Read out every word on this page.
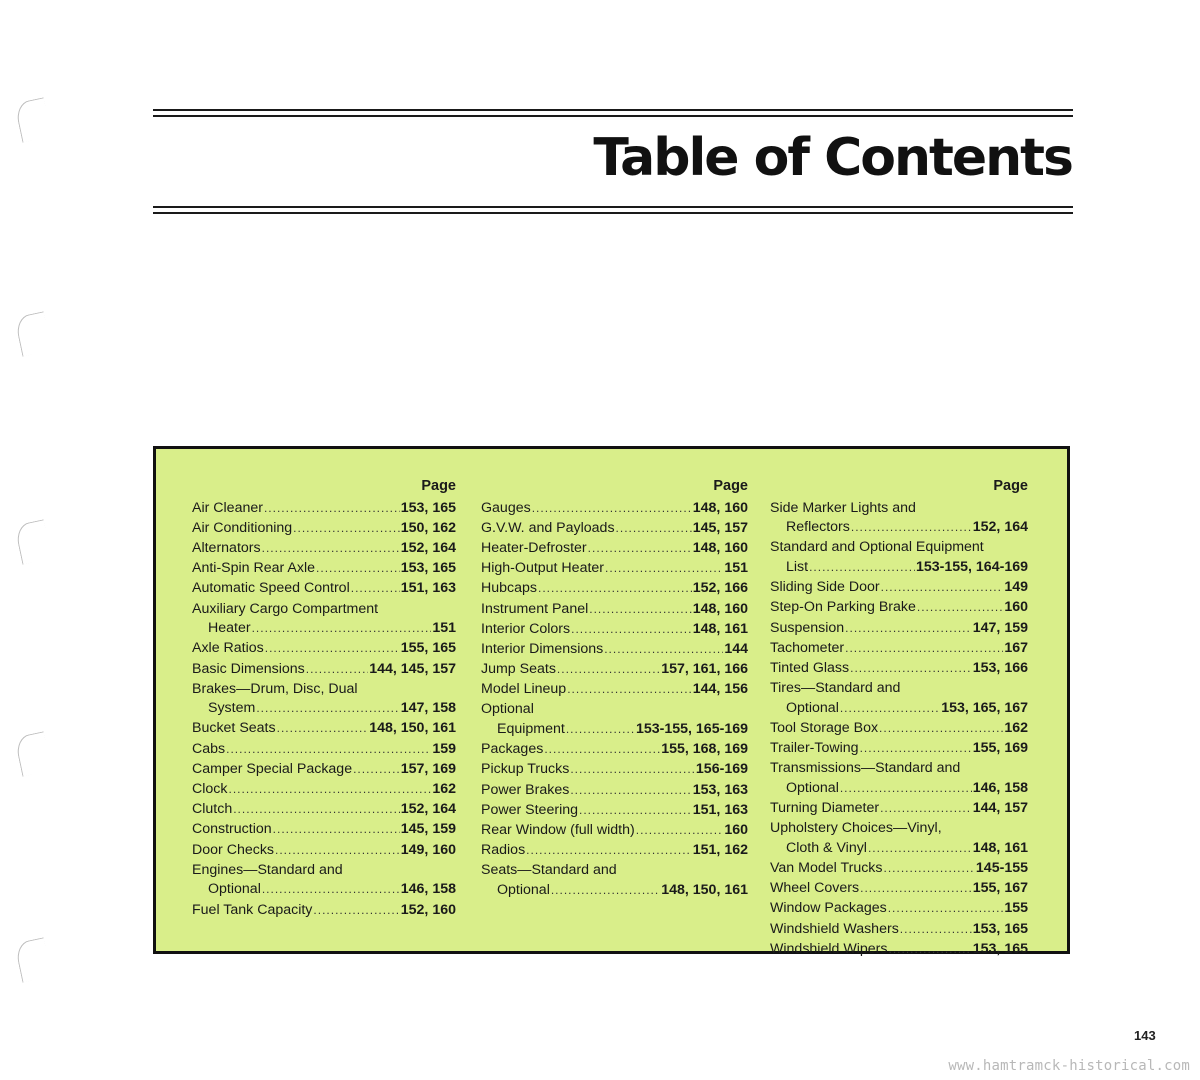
Table of Contents
Page
Air Cleaner .....	153, 165
Air Conditioning .....	150, 162
Alternators .....	152, 164
Anti-Spin Rear Axle .....	153, 165
Automatic Speed Control .....	151, 163
Auxiliary Cargo Compartment
Heater .....	151
Axle Ratios .....	155, 165
Basic Dimensions .....	144, 145, 157
Brakes—Drum, Disc, Dual
System .....	147, 158
Bucket Seats .....	148, 150, 161
Cabs .....	159
Camper Special Package .....	157, 169
Clock .....	162
Clutch .....	152, 164
Construction .....	145, 159
Door Checks .....	149, 160
Engines—Standard and
Optional .....	146, 158
Fuel Tank Capacity .....	152, 160
Page
Gauges .....	148, 160
G.V.W. and Payloads .....	145, 157
Heater-Defroster .....	148, 160
High-Output Heater .....	151
Hubcaps .....	152, 166
Instrument Panel .....	148, 160
Interior Colors .....	148, 161
Interior Dimensions .....	144
Jump Seats .....	157, 161, 166
Model Lineup .....	144, 156
Optional
Equipment .....	153-155, 165-169
Packages .....	155, 168, 169
Pickup Trucks .....	156-169
Power Brakes .....	153, 163
Power Steering .....	151, 163
Rear Window (full width) .....	160
Radios .....	151, 162
Seats—Standard and
Optional .....	148, 150, 161
Page
Side Marker Lights and
Reflectors .....	152, 164
Standard and Optional Equipment
List .....	153-155, 164-169
Sliding Side Door .....	149
Step-On Parking Brake .....	160
Suspension .....	147, 159
Tachometer .....	167
Tinted Glass .....	153, 166
Tires—Standard and
Optional .....	153, 165, 167
Tool Storage Box .....	162
Trailer-Towing .....	155, 169
Transmissions—Standard and
Optional .....	146, 158
Turning Diameter .....	144, 157
Upholstery Choices—Vinyl,
Cloth & Vinyl .....	148, 161
Van Model Trucks .....	145-155
Wheel Covers .....	155, 167
Window Packages .....	155
Windshield Washers .....	153, 165
Windshield Wipers .....	153, 165
143
www.hamtramck-historical.com
